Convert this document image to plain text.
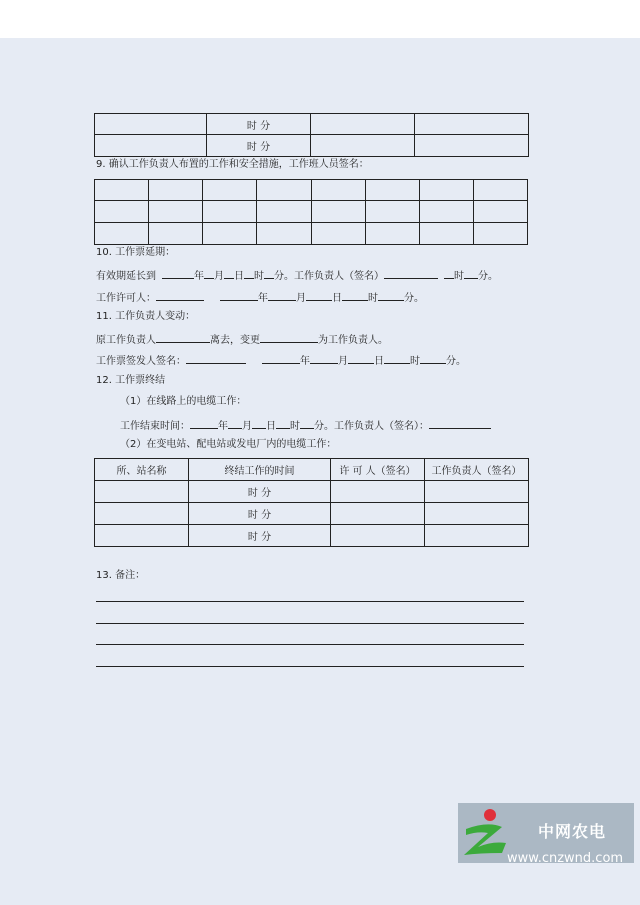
	时 分		
	时 分		
9. 确认工作负责人布置的工作和安全措施，工作班人员签名：

10. 工作票延期：
有效期延长到	年 月 日 时 分。工作负责人（签名）	时 分。
工作许可人：	年	月	日	时	分。
11. 工作负责人变动：
原工作负责人	离去，变更	为工作负责人。
工作票签发人签名：	年	月	日	时	分。
12. 工作票终结
（1）在线路上的电缆工作：
工作结束时间：	年 月 日 时 分。工作负责人（签名）：
（2）在变电站、配电站或发电厂内的电缆工作：
所、站名称	终结工作的时间	许 可 人（签名）	工作负责人（签名）
	时 分		
	时 分		
	时 分		
13. 备注：
中网农电
www.cnzwnd.com
